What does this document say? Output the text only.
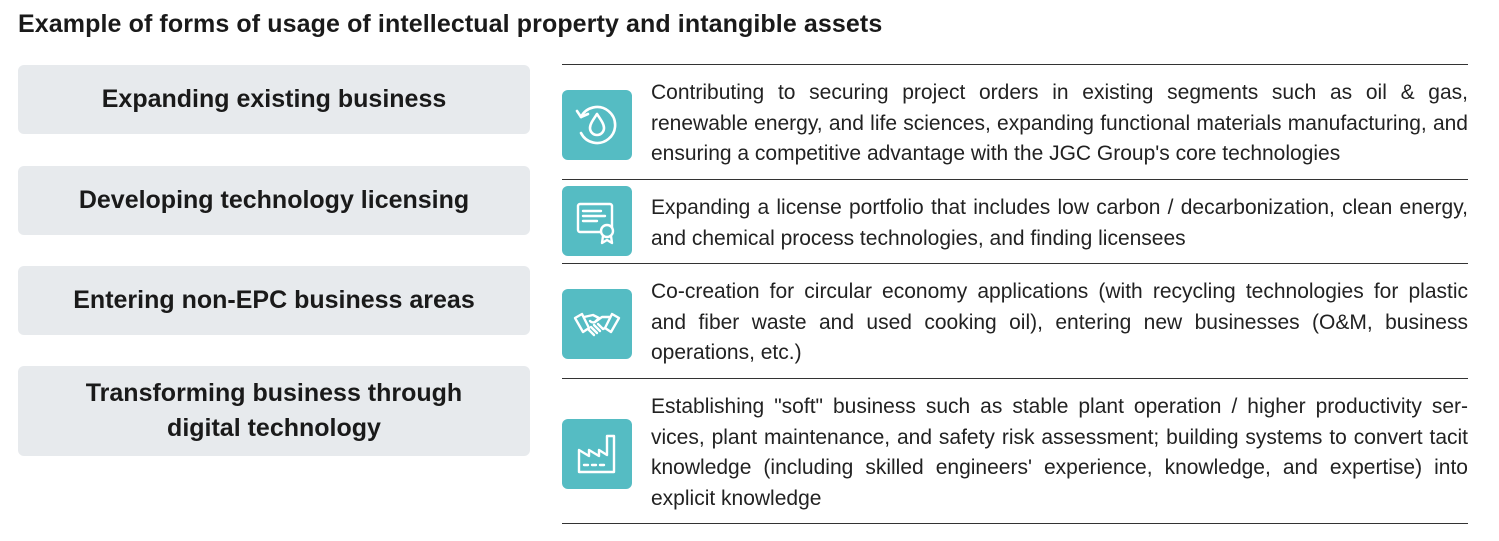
Example of forms of usage of intellectual property and intangible assets
Expanding existing business
Developing technology licensing
Entering non-EPC business areas
Transforming business through digital technology
Contributing to securing project orders in existing segments such as oil & gas, renewable energy, and life sciences, expanding functional materials manufacturing, and ensuring a competitive advantage with the JGC Group's core technologies
Expanding a license portfolio that includes low carbon / decarbonization, clean energy, and chemical process technologies, and finding licensees
Co-creation for circular economy applications (with recycling technologies for plastic and fiber waste and used cooking oil), entering new businesses (O&M, business operations, etc.)
Establishing "soft" business such as stable plant operation / higher productivity ser-vices, plant maintenance, and safety risk assessment; building systems to convert tacit knowledge (including skilled engineers' experience, knowledge, and expertise) into explicit knowledge
